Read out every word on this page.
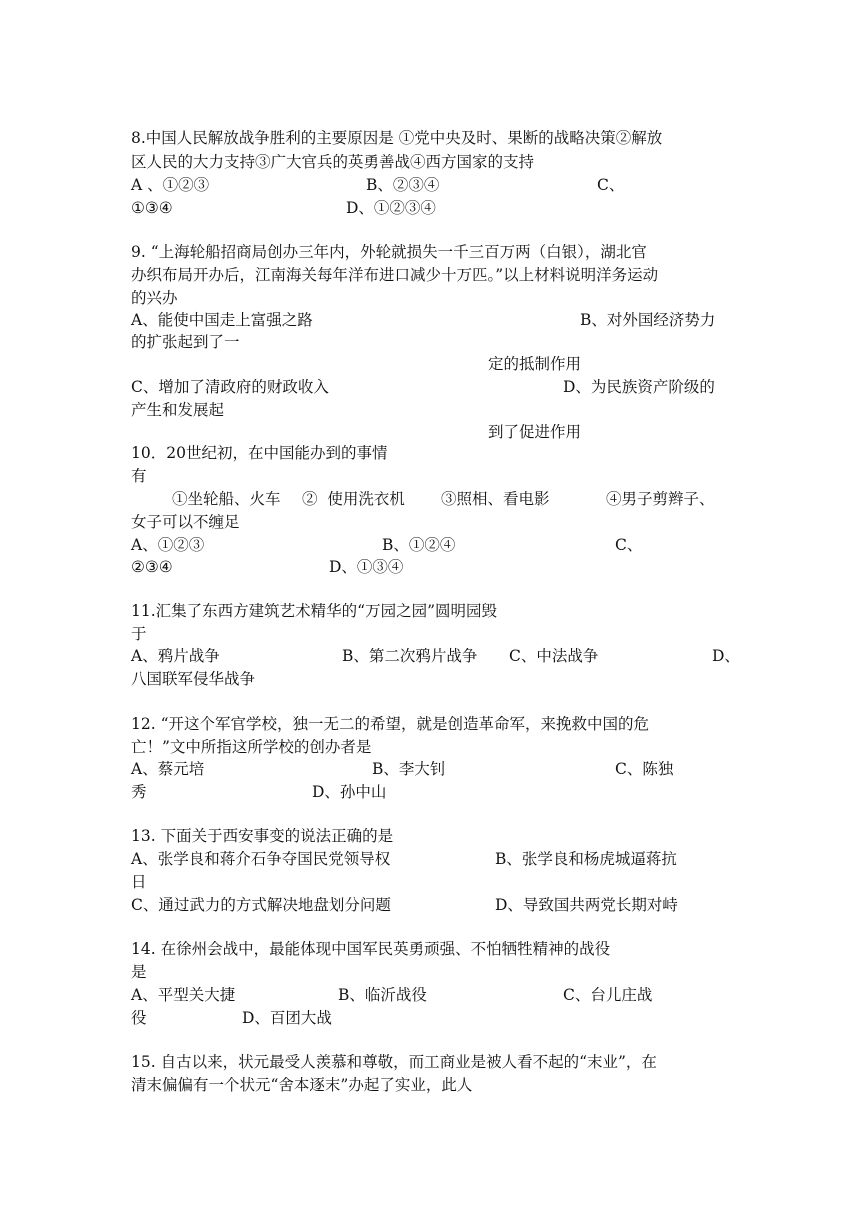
8.中国人民解放战争胜利的主要原因是 ①党中央及时、果断的战略决策②解放
区人民的大力支持③广大官兵的英勇善战④西方国家的支持
A 、①②③	B、②③④	C、
①③④	D、①②③④
9. “上海轮船招商局创办三年内，外轮就损失一千三百万两（白银），湖北官
办织布局开办后，江南海关每年洋布进口减少十万匹。”以上材料说明洋务运动
的兴办
A、能使中国走上富强之路	B、对外国经济势力
的扩张起到了一
定的抵制作用
C、增加了清政府的财政收入	D、为民族资产阶级的
产生和发展起
到了促进作用
10．20世纪初，在中国能办到的事情
有
①坐轮船、火车 ②  使用洗衣机 ③照相、看电影	④男子剪辫子、
女子可以不缠足
A、①②③	B、①②④	C、
②③④	D、①③④
11.汇集了东西方建筑艺术精华的“万园之园”圆明园毁
于
A、鸦片战争	B、第二次鸦片战争 C、中法战争	D、
八国联军侵华战争
12. “开这个军官学校，独一无二的希望，就是创造革命军，来挽救中国的危
亡！”文中所指这所学校的创办者是
A、蔡元培	B、李大钊	C、陈独
秀	D、孙中山
13. 下面关于西安事变的说法正确的是
A、张学良和蒋介石争夺国民党领导权	B、张学良和杨虎城逼蒋抗
日
C、通过武力的方式解决地盘划分问题	D、导致国共两党长期对峙
14. 在徐州会战中，最能体现中国军民英勇顽强、不怕牺牲精神的战役
是
A、平型关大捷	B、临沂战役	C、台儿庄战
役	D、百团大战
15. 自古以来，状元最受人羡慕和尊敬，而工商业是被人看不起的“末业”，在
清末偏偏有一个状元“舍本逐末”办起了实业，此人
